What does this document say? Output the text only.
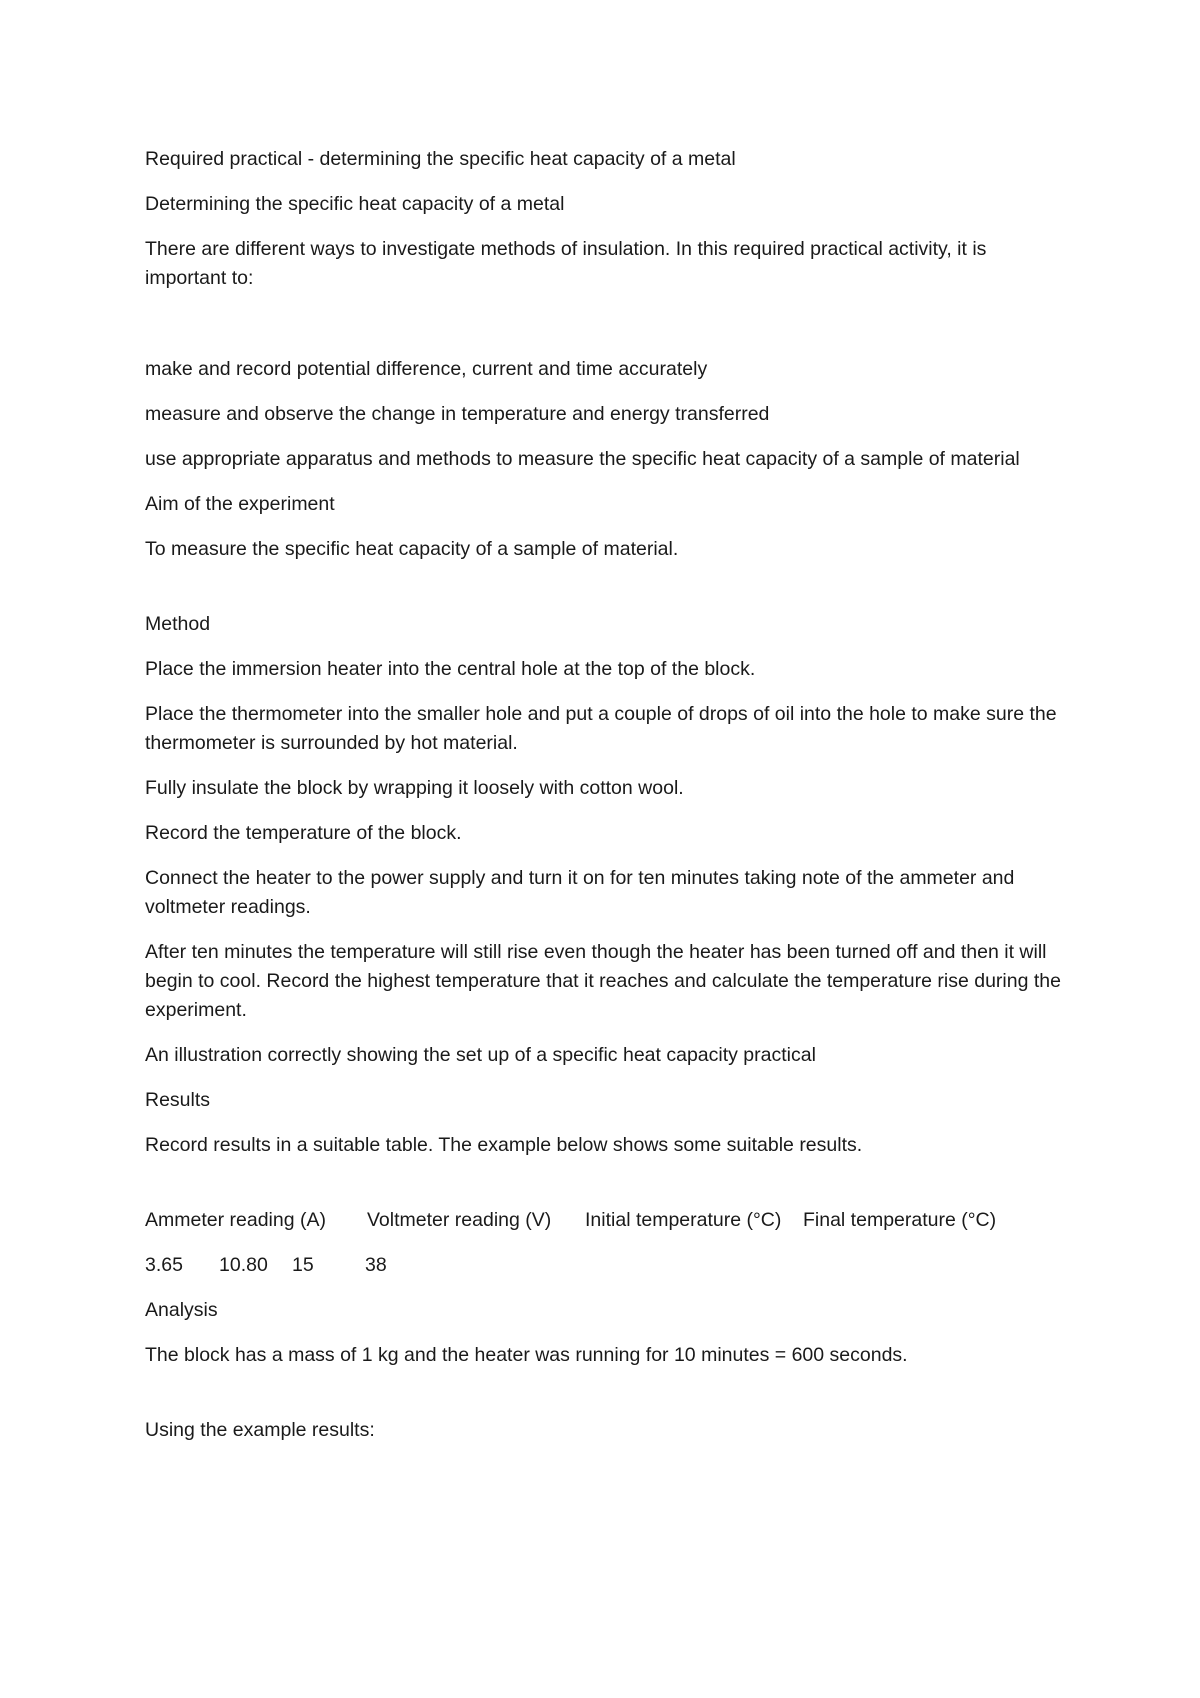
Required practical - determining the specific heat capacity of a metal

Determining the specific heat capacity of a metal

There are different ways to investigate methods of insulation. In this required practical activity, it is important to:

make and record potential difference, current and time accurately

measure and observe the change in temperature and energy transferred

use appropriate apparatus and methods to measure the specific heat capacity of a sample of material

Aim of the experiment

To measure the specific heat capacity of a sample of material.

Method

Place the immersion heater into the central hole at the top of the block.

Place the thermometer into the smaller hole and put a couple of drops of oil into the hole to make sure the thermometer is surrounded by hot material.

Fully insulate the block by wrapping it loosely with cotton wool.

Record the temperature of the block.

Connect the heater to the power supply and turn it on for ten minutes taking note of the ammeter and voltmeter readings.

After ten minutes the temperature will still rise even though the heater has been turned off and then it will begin to cool. Record the highest temperature that it reaches and calculate the temperature rise during the experiment.

An illustration correctly showing the set up of a specific heat capacity practical

Results

Record results in a suitable table. The example below shows some suitable results.

Ammeter reading (A)	Voltmeter reading (V)	Initial temperature (°C)	Final temperature (°C)
3.65	10.80	15	38

Analysis

The block has a mass of 1 kg and the heater was running for 10 minutes = 600 seconds.

Using the example results:
